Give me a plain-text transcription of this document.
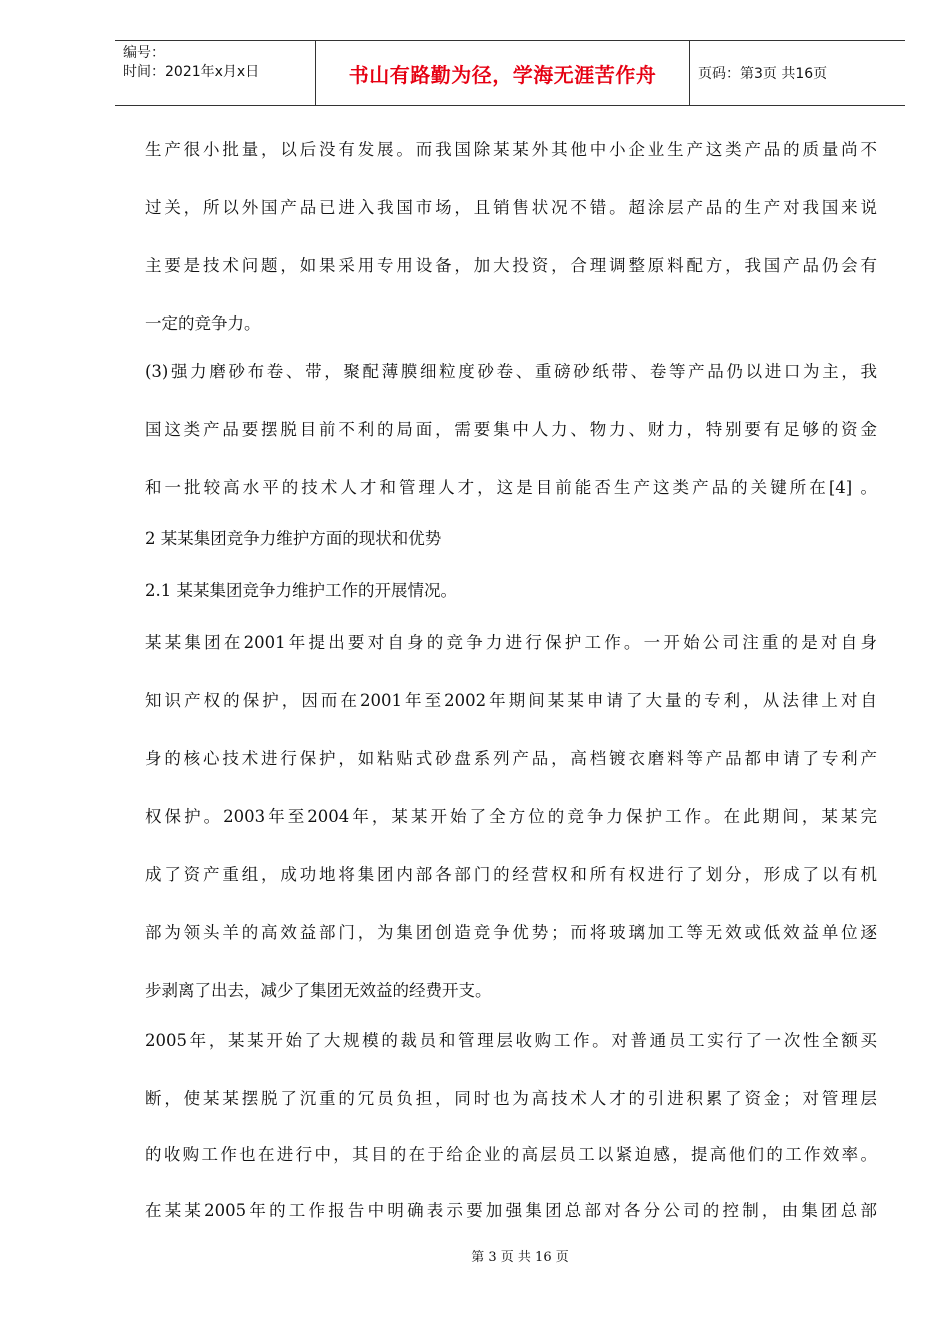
编号：
时间：2021年x月x日	书山有路勤为径，学海无涯苦作舟	页码：第3页 共16页
生产很小批量，以后没有发展。而我国除某某外其他中小企业生产这类产品的质量尚不
过关，所以外国产品已进入我国市场，且销售状况不错。超涂层产品的生产对我国来说
主要是技术问题，如果采用专用设备，加大投资，合理调整原料配方，我国产品仍会有
一定的竞争力。
(3)强力磨砂布卷、带，聚配薄膜细粒度砂卷、重磅砂纸带、卷等产品仍以进口为主，我
国这类产品要摆脱目前不利的局面，需要集中人力、物力、财力，特别要有足够的资金
和一批较高水平的技术人才和管理人才，这是目前能否生产这类产品的关键所在[4] 。
2 某某集团竞争力维护方面的现状和优势
2.1 某某集团竞争力维护工作的开展情况。
某某集团在2001年提出要对自身的竞争力进行保护工作。一开始公司注重的是对自身
知识产权的保护，因而在2001年至2002年期间某某申请了大量的专利，从法律上对自
身的核心技术进行保护，如粘贴式砂盘系列产品，高档镀衣磨料等产品都申请了专利产
权保护。2003年至2004年，某某开始了全方位的竞争力保护工作。在此期间，某某完
成了资产重组，成功地将集团内部各部门的经营权和所有权进行了划分，形成了以有机
部为领头羊的高效益部门，为集团创造竞争优势；而将玻璃加工等无效或低效益单位逐
步剥离了出去，减少了集团无效益的经费开支。
2005年，某某开始了大规模的裁员和管理层收购工作。对普通员工实行了一次性全额买
断，使某某摆脱了沉重的冗员负担，同时也为高技术人才的引进积累了资金；对管理层
的收购工作也在进行中，其目的在于给企业的高层员工以紧迫感，提高他们的工作效率。
在某某2005年的工作报告中明确表示要加强集团总部对各分公司的控制，由集团总部
第 3 页 共 16 页
